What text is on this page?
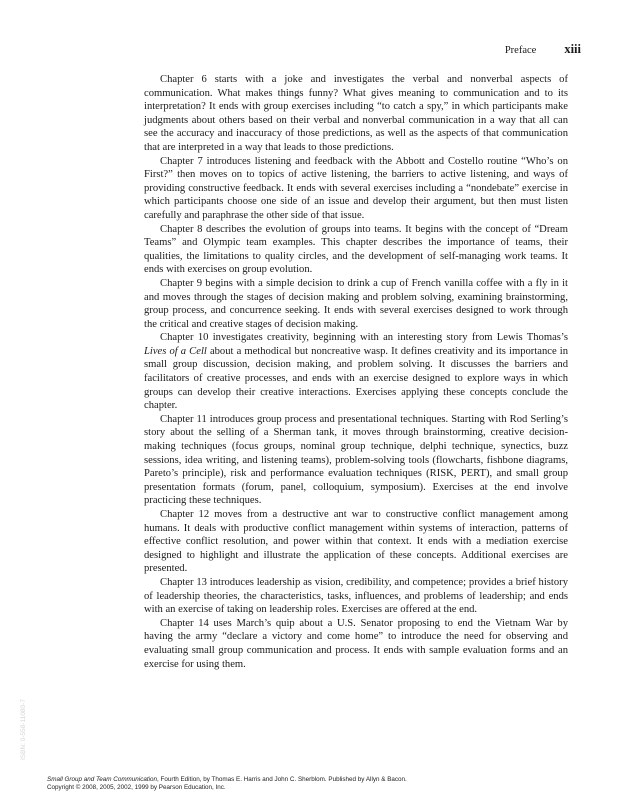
Preface xiii

Chapter 6 starts with a joke and investigates the verbal and nonverbal aspects of communication. What makes things funny? What gives meaning to communication and to its interpretation? It ends with group exercises including “to catch a spy,” in which participants make judgments about others based on their verbal and nonverbal communication in a way that all can see the accuracy and inaccuracy of those predictions, as well as the aspects of that communication that are interpreted in a way that leads to those predictions.

Chapter 7 introduces listening and feedback with the Abbott and Costello routine “Who’s on First?” then moves on to topics of active listening, the barriers to active listening, and ways of providing constructive feedback. It ends with several exercises including a “nondebate” exercise in which participants choose one side of an issue and develop their argument, but then must listen carefully and paraphrase the other side of that issue.

Chapter 8 describes the evolution of groups into teams. It begins with the concept of “Dream Teams” and Olympic team examples. This chapter describes the importance of teams, their qualities, the limitations to quality circles, and the development of self-managing work teams. It ends with exercises on group evolution.

Chapter 9 begins with a simple decision to drink a cup of French vanilla coffee with a fly in it and moves through the stages of decision making and problem solving, examining brainstorming, group process, and concurrence seeking. It ends with several exercises designed to work through the critical and creative stages of decision making.

Chapter 10 investigates creativity, beginning with an interesting story from Lewis Thomas’s Lives of a Cell about a methodical but noncreative wasp. It defines creativity and its importance in small group discussion, decision making, and problem solving. It discusses the barriers and facilitators of creative processes, and ends with an exercise designed to explore ways in which groups can develop their creative interactions. Exercises applying these concepts conclude the chapter.

Chapter 11 introduces group process and presentational techniques. Starting with Rod Serling’s story about the selling of a Sherman tank, it moves through brainstorming, creative decision-making techniques (focus groups, nominal group technique, delphi technique, synectics, buzz sessions, idea writing, and listening teams), problem-solving tools (flowcharts, fishbone diagrams, Pareto’s principle), risk and performance evaluation techniques (RISK, PERT), and small group presentation formats (forum, panel, colloquium, symposium). Exercises at the end involve practicing these techniques.

Chapter 12 moves from a destructive ant war to constructive conflict management among humans. It deals with productive conflict management within systems of interaction, patterns of effective conflict resolution, and power within that context. It ends with a mediation exercise designed to highlight and illustrate the application of these concepts. Additional exercises are presented.

Chapter 13 introduces leadership as vision, credibility, and competence; provides a brief history of leadership theories, the characteristics, tasks, influences, and problems of leadership; and ends with an exercise of taking on leadership roles. Exercises are offered at the end.

Chapter 14 uses March’s quip about a U.S. Senator proposing to end the Vietnam War by having the army “declare a victory and come home” to introduce the need for observing and evaluating small group communication and process. It ends with sample evaluation forms and an exercise for using them.

ISBN: 0-558-11080-7
Small Group and Team Communication, Fourth Edition, by Thomas E. Harris and John C. Sherblom. Published by Allyn & Bacon.
Copyright © 2008, 2005, 2002, 1999 by Pearson Education, Inc.
